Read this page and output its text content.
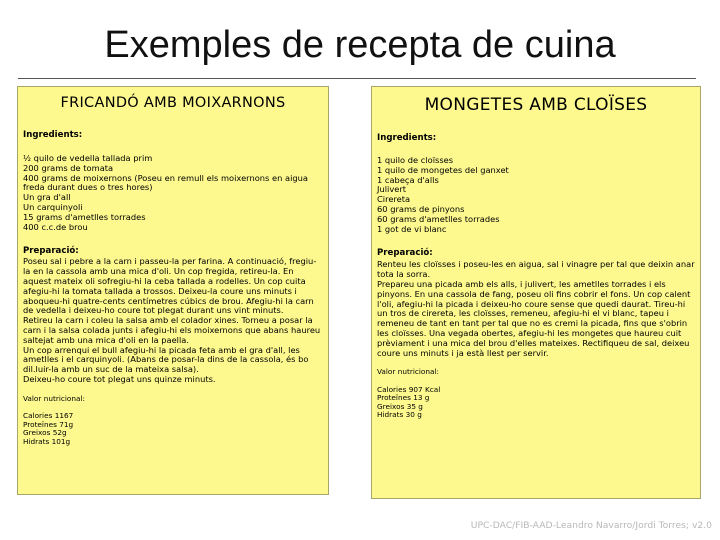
Exemples de recepta de cuina
FRICANDÓ AMB MOIXARNONS

Ingredients:

½ quilo de vedella tallada prim
200 grams de tomata
400 grams de moixernons (Poseu en remull els moixernons en aigua freda durant dues o tres hores)
Un gra d'all
Un carquinyoli
15 grams d'ametlles torrades
400 c.c.de brou

Preparació:

Poseu sal i pebre a la carn i passeu-la per farina. A continuació, fregiu-la en la cassola amb una mica d'oli. Un cop fregida, retireu-la. En aquest mateix oli sofregiu-hi la ceba tallada a rodelles. Un cop cuita afegiu-hi la tomata tallada a trossos. Deixeu-la coure uns minuts i aboqueu-hi quatre-cents centímetres cúbics de brou. Afegiu-hi la carn de vedella i deixeu-ho coure tot plegat durant uns vint minuts.
Retireu la carn i coleu la salsa amb el colador xines. Torneu a posar la carn i la salsa colada junts i afegiu-hi els moixernons que abans haureu saltejat amb una mica d'oli en la paella.
Un cop arrenqui el bull afegiu-hi la picada feta amb el gra d'all, les ametlles i el carquinyoli. (Abans de posar-la dins de la cassola, és bo dil.luir-la amb un suc de la mateixa salsa).
Deixeu-ho coure tot plegat uns quinze minuts.

Valor nutricional:

Calories 1167
Proteïnes 71g
Greixos 52g
Hidrats 101g
MONGETES AMB CLOÏSES

Ingredients:

1 quilo de cloïsses
1 quilo de mongetes del ganxet
1 cabeça d'alls
Julivert
Cireretа
60 grams de pinyons
60 grams d'ametlles torrades
1 got de vi blanc

Preparació:

Renteu les cloïsses i poseu-les en aigua, sal i vinagre per tal que deixin anar tota la sorra.
Prepareu una picada amb els alls, i julivert, les ametlles torrades i els pinyons. En una cassola de fang, poseu oli fins cobrir el fons. Un cop calent l'oli, afegiu-hi la picada i deixeu-ho coure sense que quedi daurat. Tireu-hi un tros de cireretа, les cloïsses, remeneu, afegiu-hi el vi blanc, tapeu i remeneu de tant en tant per tal que no es cremi la picada, fins que s'obrin les cloïsses. Una vegada obertes, afegiu-hi les mongetes que haureu cuit prèviament i una mica del brou d'elles mateixes. Rectifiqueu de sal, deixeu coure uns minuts i ja està llest per servir.

Valor nutricional:

Calories 907 Kcal
Proteïnes 13 g
Greixos 35 g
Hidrats 30 g
UPC-DAC/FIB-AAD-Leandro Navarro/Jordi Torres; v2.0
